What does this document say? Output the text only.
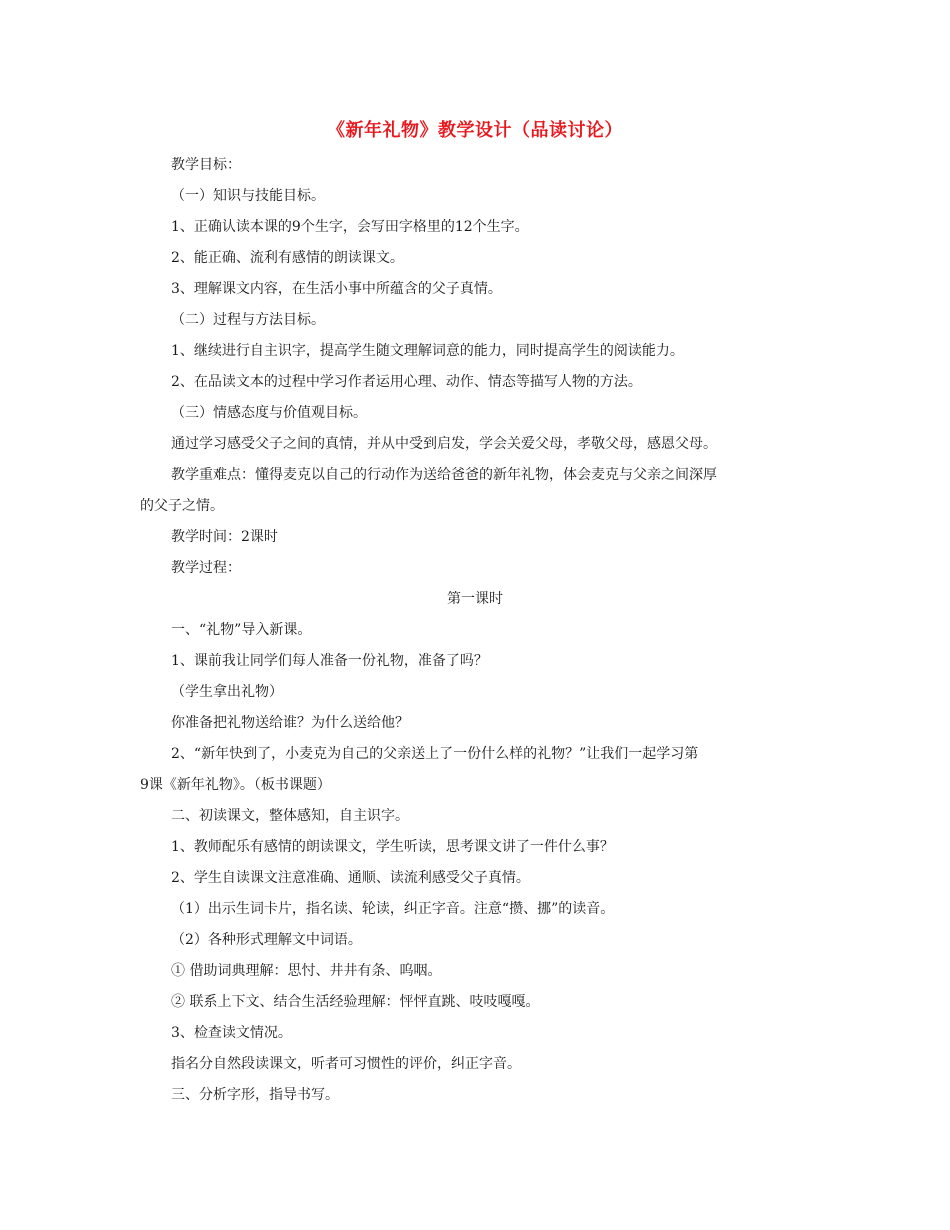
《新年礼物》教学设计（品读讨论）
教学目标：
（一）知识与技能目标。
1、正确认读本课的9个生字，会写田字格里的12个生字。
2、能正确、流利有感情的朗读课文。
3、理解课文内容，在生活小事中所蕴含的父子真情。
（二）过程与方法目标。
1、继续进行自主识字，提高学生随文理解词意的能力，同时提高学生的阅读能力。
2、在品读文本的过程中学习作者运用心理、动作、情态等描写人物的方法。
（三）情感态度与价值观目标。
通过学习感受父子之间的真情，并从中受到启发，学会关爱父母，孝敬父母，感恩父母。
教学重难点：懂得麦克以自己的行动作为送给爸爸的新年礼物，体会麦克与父亲之间深厚
的父子之情。
教学时间：2课时
教学过程：
第一课时
一、“礼物”导入新课。
1、课前我让同学们每人准备一份礼物，准备了吗？
（学生拿出礼物）
你准备把礼物送给谁？为什么送给他？
2、“新年快到了，小麦克为自己的父亲送上了一份什么样的礼物？”让我们一起学习第
9课《新年礼物》。（板书课题）
二、初读课文，整体感知，自主识字。
1、教师配乐有感情的朗读课文，学生听读，思考课文讲了一件什么事？
2、学生自读课文注意准确、通顺、读流利感受父子真情。
（1）出示生词卡片，指名读、轮读，纠正字音。注意“攒、挪”的读音。
（2）各种形式理解文中词语。
① 借助词典理解：思忖、井井有条、呜咽。
② 联系上下文、结合生活经验理解：怦怦直跳、吱吱嘎嘎。
3、检查读文情况。
指名分自然段读课文，听者可习惯性的评价，纠正字音。
三、分析字形，指导书写。
